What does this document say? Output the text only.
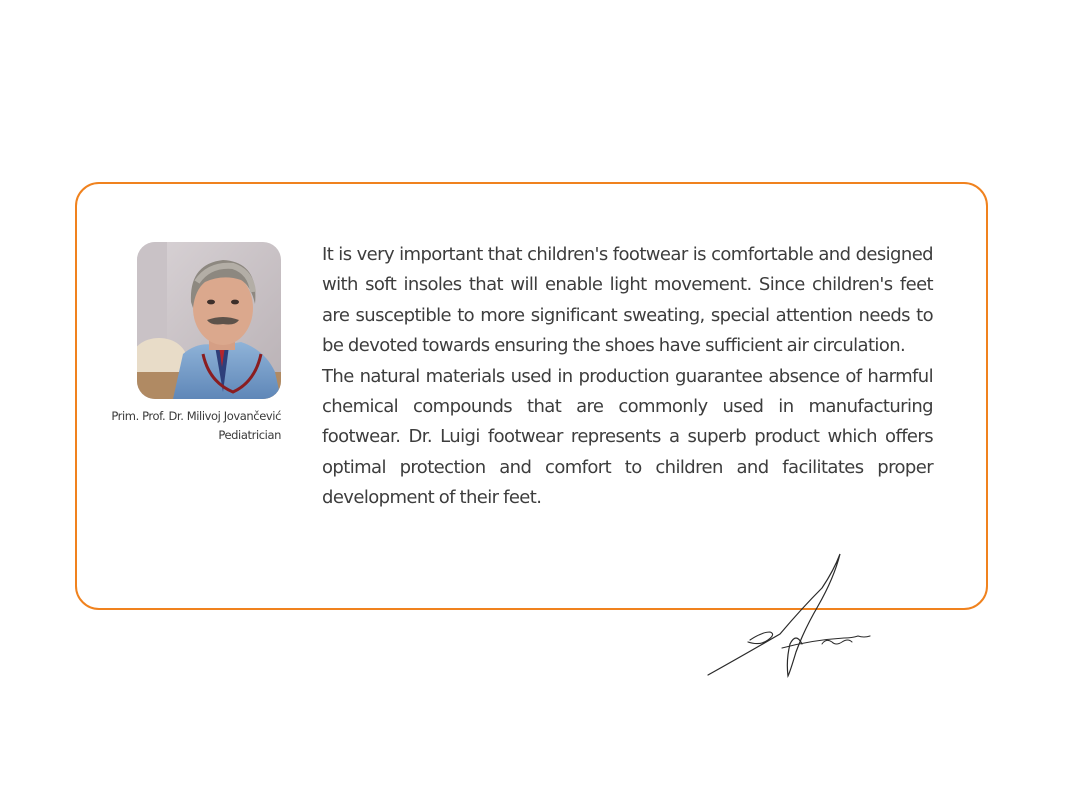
Prim. Prof. Dr. Milivoj Jovančević
Pediatrician

It is very important that children's footwear is comfortable and designed with soft insoles that will enable light movement. Since children's feet are susceptible to more significant sweating, special attention needs to be devoted towards ensuring the shoes have sufficient air circulation.

The natural materials used in production guarantee absence of harmful chemical compounds that are commonly used in manufacturing footwear. Dr. Luigi footwear represents a superb product which offers optimal protection and comfort to children and facilitates proper development of their feet.
